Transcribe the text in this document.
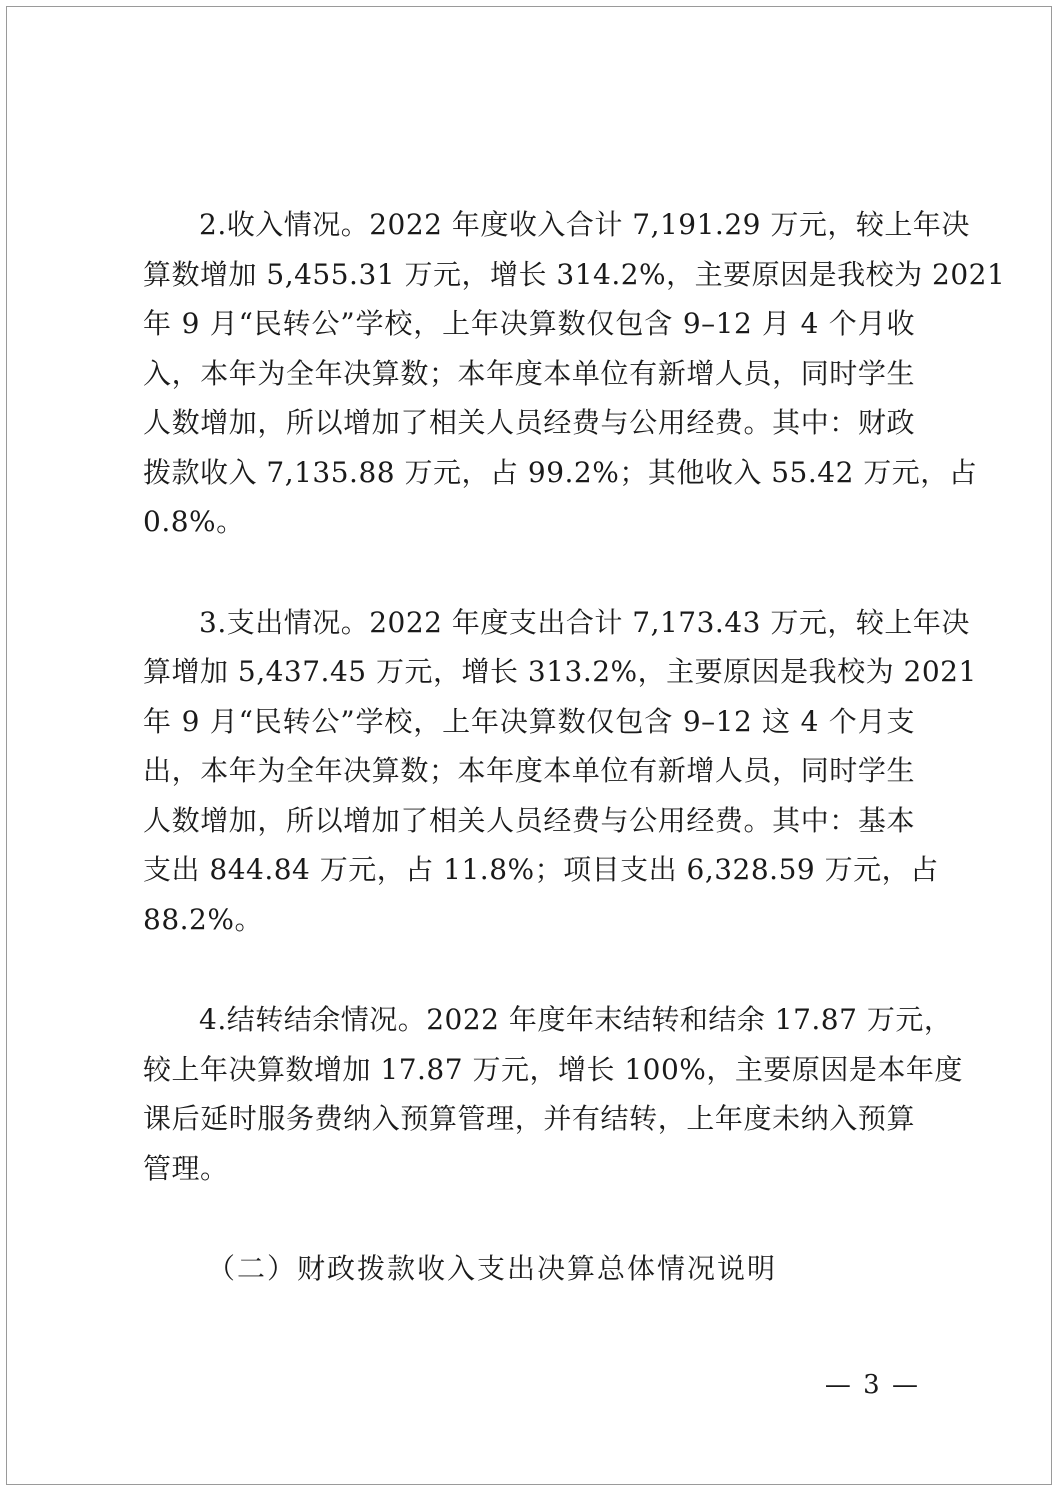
2.收入情况。2022 年度收入合计 7,191.29 万元，较上年决
算数增加 5,455.31 万元，增长 314.2%，主要原因是我校为 2021
年 9 月“民转公”学校，上年决算数仅包含 9–12 月 4 个月收
入，本年为全年决算数；本年度本单位有新增人员，同时学生
人数增加，所以增加了相关人员经费与公用经费。其中：财政
拨款收入 7,135.88 万元，占 99.2%；其他收入 55.42 万元，占
0.8%。
3.支出情况。2022 年度支出合计 7,173.43 万元，较上年决
算增加 5,437.45 万元，增长 313.2%，主要原因是我校为 2021
年 9 月“民转公”学校，上年决算数仅包含 9–12 这 4 个月支
出，本年为全年决算数；本年度本单位有新增人员，同时学生
人数增加，所以增加了相关人员经费与公用经费。其中：基本
支出 844.84 万元，占 11.8%；项目支出 6,328.59 万元，占
88.2%。
4.结转结余情况。2022 年度年末结转和结余 17.87 万元，
较上年决算数增加 17.87 万元，增长 100%，主要原因是本年度
课后延时服务费纳入预算管理，并有结转，上年度未纳入预算
管理。
（二）财政拨款收入支出决算总体情况说明
— 3 —
